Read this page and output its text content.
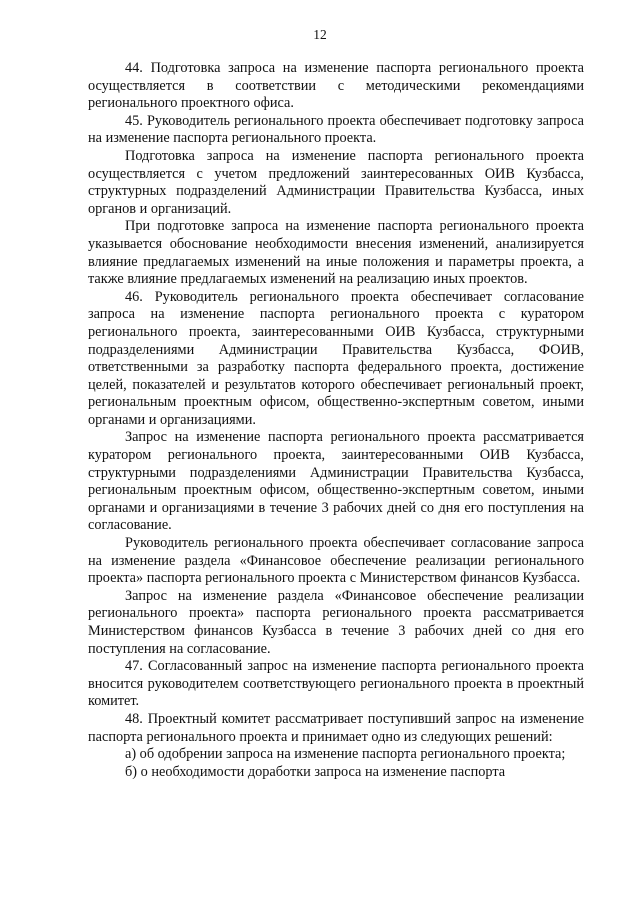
12

44. Подготовка запроса на изменение паспорта регионального проекта осуществляется в соответствии с методическими рекомендациями регионального проектного офиса.

45. Руководитель регионального проекта обеспечивает подготовку запроса на изменение паспорта регионального проекта.

Подготовка запроса на изменение паспорта регионального проекта осуществляется с учетом предложений заинтересованных ОИВ Кузбасса, структурных подразделений Администрации Правительства Кузбасса, иных органов и организаций.

При подготовке запроса на изменение паспорта регионального проекта указывается обоснование необходимости внесения изменений, анализируется влияние предлагаемых изменений на иные положения и параметры проекта, а также влияние предлагаемых изменений на реализацию иных проектов.

46. Руководитель регионального проекта обеспечивает согласование запроса на изменение паспорта регионального проекта с куратором регионального проекта, заинтересованными ОИВ Кузбасса, структурными подразделениями Администрации Правительства Кузбасса, ФОИВ, ответственными за разработку паспорта федерального проекта, достижение целей, показателей и результатов которого обеспечивает региональный проект, региональным проектным офисом, общественно-экспертным советом, иными органами и организациями.

Запрос на изменение паспорта регионального проекта рассматривается куратором регионального проекта, заинтересованными ОИВ Кузбасса, структурными подразделениями Администрации Правительства Кузбасса, региональным проектным офисом, общественно-экспертным советом, иными органами и организациями в течение 3 рабочих дней со дня его поступления на согласование.

Руководитель регионального проекта обеспечивает согласование запроса на изменение раздела «Финансовое обеспечение реализации регионального проекта» паспорта регионального проекта с Министерством финансов Кузбасса.

Запрос на изменение раздела «Финансовое обеспечение реализации регионального проекта» паспорта регионального проекта рассматривается Министерством финансов Кузбасса в течение 3 рабочих дней со дня его поступления на согласование.

47. Согласованный запрос на изменение паспорта регионального проекта вносится руководителем соответствующего регионального проекта в проектный комитет.

48. Проектный комитет рассматривает поступивший запрос на изменение паспорта регионального проекта и принимает одно из следующих решений:

а) об одобрении запроса на изменение паспорта регионального проекта;

б) о необходимости доработки запроса на изменение паспорта
